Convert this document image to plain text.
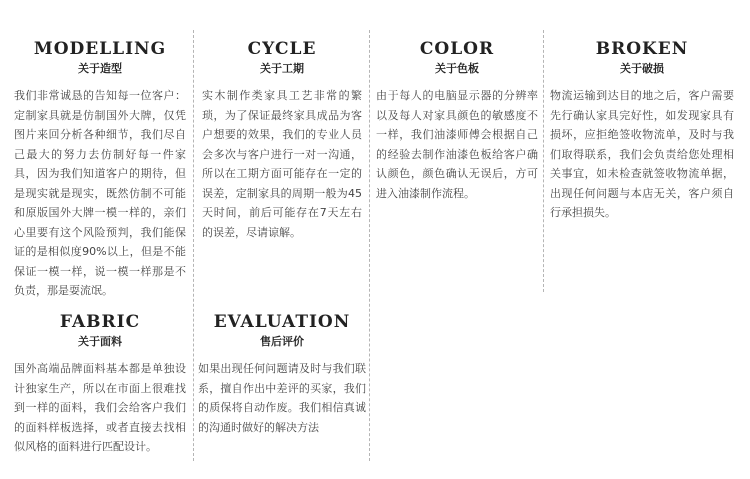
MODELLING
关于造型
我们非常诚恳的告知每一位客户：定制家具就是仿制国外大牌，仅凭图片来回分析各种细节，我们尽自己最大的努力去仿制好每一件家具，因为我们知道客户的期待，但是现实就是现实，既然仿制不可能和原版国外大牌一模一样的，亲们心里要有这个风险预判，我们能保证的是相似度90%以上，但是不能保证一模一样，说一模一样那是不负责，那是耍流氓。
CYCLE
关于工期
实木制作类家具工艺非常的繁琐，为了保证最终家具成品为客户想要的效果，我们的专业人员会多次与客户进行一对一沟通，所以在工期方面可能存在一定的误差，定制家具的周期一般为45天时间，前后可能存在7天左右的误差，尽请谅解。
COLOR
关于色板
由于每人的电脑显示器的分辨率以及每人对家具颜色的敏感度不一样，我们油漆师傅会根据自己的经验去制作油漆色板给客户确认颜色，颜色确认无误后，方可进入油漆制作流程。
BROKEN
关于破损
物流运输到达目的地之后，客户需要先行确认家具完好性，如发现家具有损坏，应拒绝签收物流单，及时与我们取得联系，我们会负责给您处理相关事宜，如未检查就签收物流单据，出现任何问题与本店无关，客户须自行承担损失。
FABRIC
关于面料
国外高端品牌面料基本都是单独设计独家生产，所以在市面上很难找到一样的面料，我们会给客户我们的面料样板选择，或者直接去找相似风格的面料进行匹配设计。
EVALUATION
售后评价
如果出现任何问题请及时与我们联系，擅自作出中差评的买家，我们的质保将自动作废。我们相信真诚的沟通时做好的解决方法
